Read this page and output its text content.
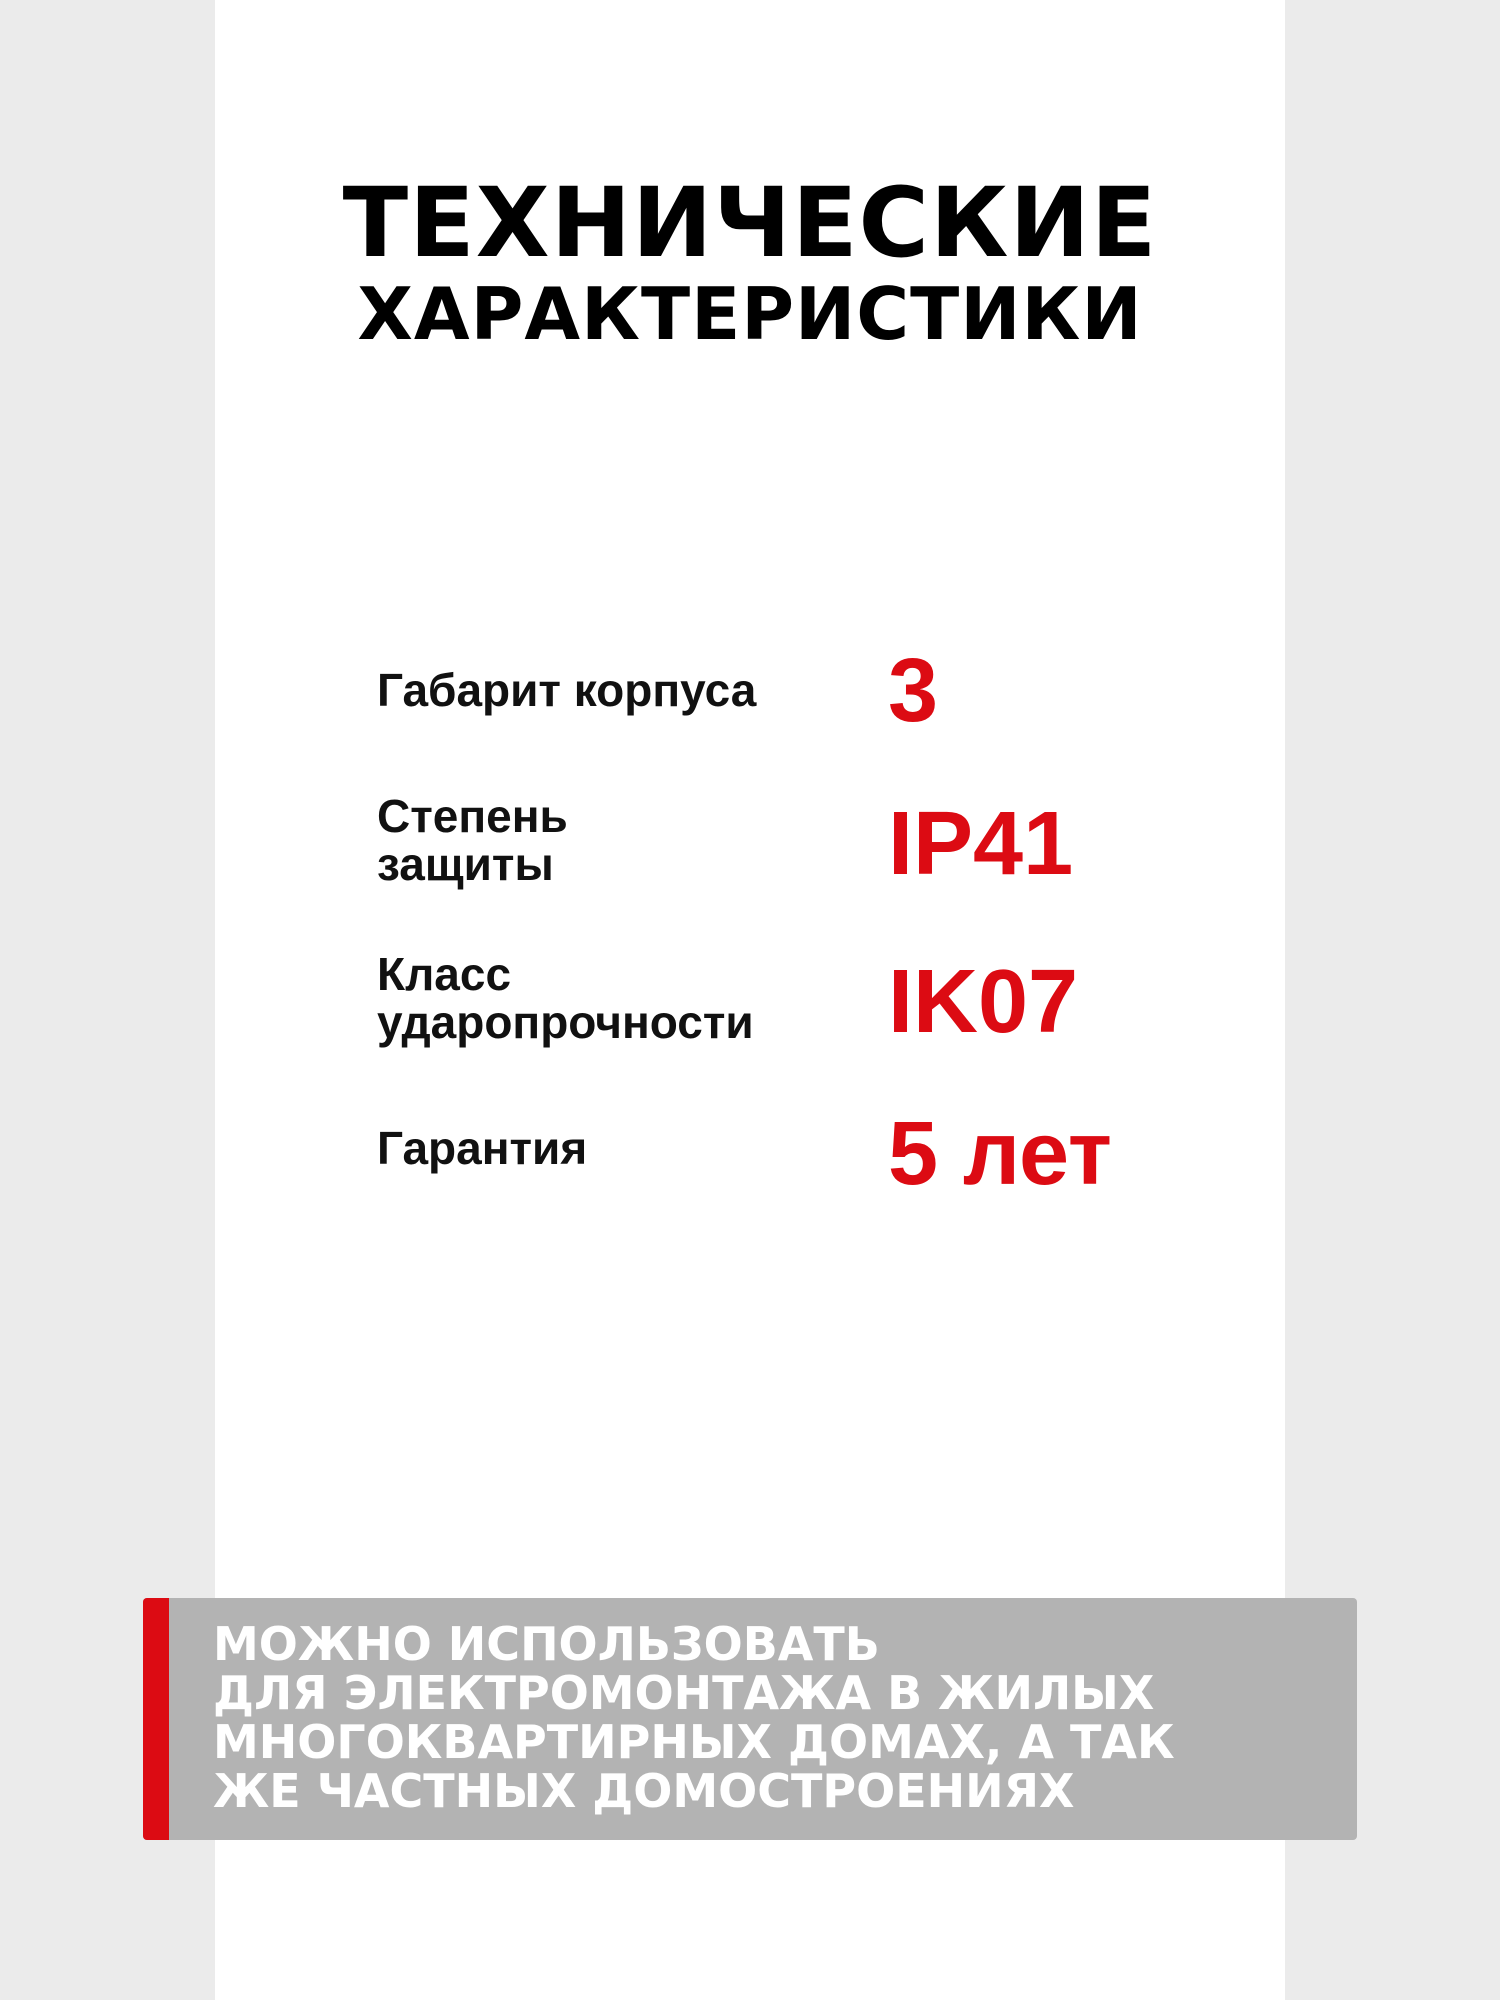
ТЕХНИЧЕСКИЕ
ХАРАКТЕРИСТИКИ
Габарит корпуса 3
Степень
защиты	IP41
Класс
ударопрочности IK07
Гарантия	5 лет
МОЖНО ИСПОЛЬЗОВАТЬ
ДЛЯ ЭЛЕКТРОМОНТАЖА В ЖИЛЫХ
МНОГОКВАРТИРНЫХ ДОМАХ, А ТАК
ЖЕ ЧАСТНЫХ ДОМОСТРОЕНИЯХ
